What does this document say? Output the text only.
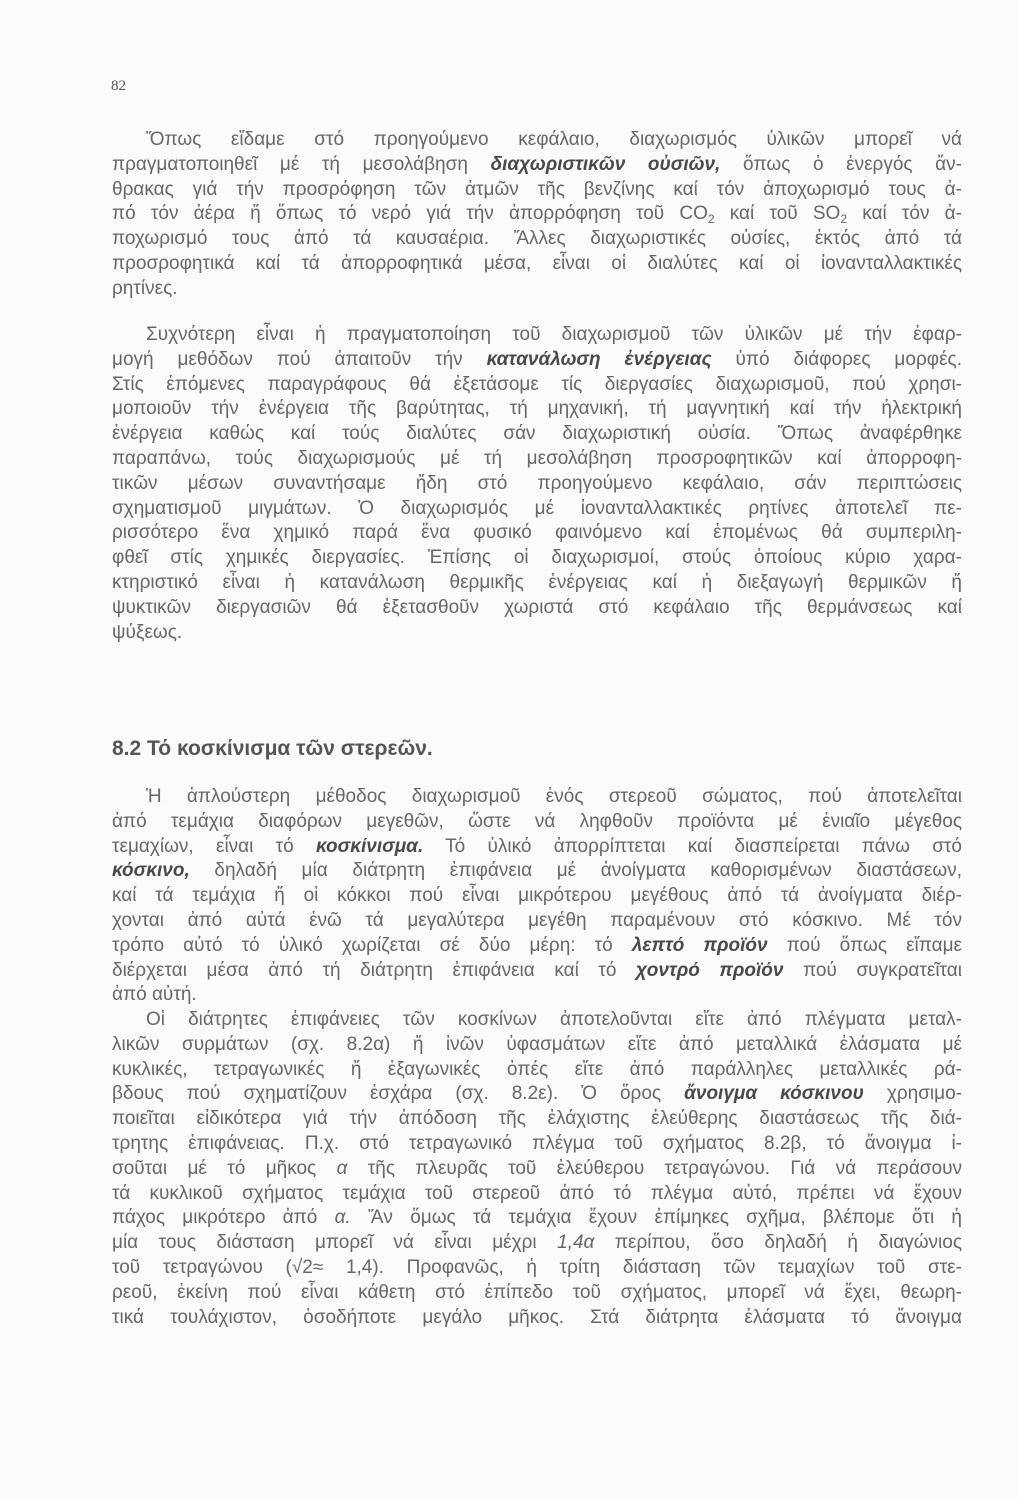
82
Ὅπως εἴδαμε στό προηγούμενο κεφάλαιο, διαχωρισμός ὑλικῶν μπορεῖ νά
πραγματοποιηθεῖ μέ τή μεσολάβηση διαχωριστικῶν οὐσιῶν, ὅπως ὁ ἐνεργός ἄν-
θρακας γιά τήν προσρόφηση τῶν ἀτμῶν τῆς βενζίνης καί τόν ἀποχωρισμό τους ἀ-
πό τόν ἀέρα ἤ ὅπως τό νερό γιά τήν ἀπορρόφηση τοῦ $CO_2$ καί τοῦ $SO_2$ καί τόν ἀ-
ποχωρισμό τους ἀπό τά καυσαέρια. Ἄλλες διαχωριστικές οὐσίες, ἐκτός ἀπό τά
προσροφητικά καί τά ἀπορροφητικά μέσα, εἶναι οἱ διαλύτες καί οἱ ἰονανταλλακτικές
ρητίνες.
Συχνότερη εἶναι ἡ πραγματοποίηση τοῦ διαχωρισμοῦ τῶν ὑλικῶν μέ τήν ἐφαρ-
μογή μεθόδων πού ἀπαιτοῦν τήν κατανάλωση ἐνέργειας ὑπό διάφορες μορφές.
Στίς ἑπόμενες παραγράφους θά ἐξετάσομε τίς διεργασίες διαχωρισμοῦ, πού χρησι-
μοποιοῦν τήν ἐνέργεια τῆς βαρύτητας, τή μηχανική, τή μαγνητική καί τήν ἠλεκτρική
ἐνέργεια καθώς καί τούς διαλύτες σάν διαχωριστική οὐσία. Ὅπως ἀναφέρθηκε
παραπάνω, τούς διαχωρισμούς μέ τή μεσολάβηση προσροφητικῶν καί ἀπορροφη-
τικῶν μέσων συναντήσαμε ἤδη στό προηγούμενο κεφάλαιο, σάν περιπτώσεις
σχηματισμοῦ μιγμάτων. Ὁ διαχωρισμός μέ ἰονανταλλακτικές ρητίνες ἀποτελεῖ πε-
ρισσότερο ἕνα χημικό παρά ἕνα φυσικό φαινόμενο καί ἑπομένως θά συμπεριλη-
φθεῖ στίς χημικές διεργασίες. Ἐπίσης οἱ διαχωρισμοί, στούς ὁποίους κύριο χαρα-
κτηριστικό εἶναι ἡ κατανάλωση θερμικῆς ἐνέργειας καί ἡ διεξαγωγή θερμικῶν ἤ
ψυκτικῶν διεργασιῶν θά ἐξετασθοῦν χωριστά στό κεφάλαιο τῆς θερμάνσεως καί
ψύξεως.
8.2 Τό κοσκίνισμα τῶν στερεῶν.
Ἡ ἁπλούστερη μέθοδος διαχωρισμοῦ ἑνός στερεοῦ σώματος, πού ἀποτελεῖται
ἀπό τεμάχια διαφόρων μεγεθῶν, ὥστε νά ληφθοῦν προϊόντα μέ ἑνιαῖο μέγεθος
τεμαχίων, εἶναι τό κοσκίνισμα. Τό ὑλικό ἀπορρίπτεται καί διασπείρεται πάνω στό
κόσκινο, δηλαδή μία διάτρητη ἐπιφάνεια μέ ἀνοίγματα καθορισμένων διαστάσεων,
καί τά τεμάχια ἤ οἱ κόκκοι πού εἶναι μικρότερου μεγέθους ἀπό τά ἀνοίγματα διέρ-
χονται ἀπό αὐτά ἐνῶ τά μεγαλύτερα μεγέθη παραμένουν στό κόσκινο. Μέ τόν
τρόπο αὐτό τό ὑλικό χωρίζεται σέ δύο μέρη: τό λεπτό προϊόν πού ὅπως εἴπαμε
διέρχεται μέσα ἀπό τή διάτρητη ἐπιφάνεια καί τό χοντρό προϊόν πού συγκρατεῖται
ἀπό αὐτή.
Οἱ διάτρητες ἐπιφάνειες τῶν κοσκίνων ἀποτελοῦνται εἴτε ἀπό πλέγματα μεταλ-
λικῶν συρμάτων (σχ. 8.2α) ἤ ἰνῶν ὑφασμάτων εἴτε ἀπό μεταλλικά ἐλάσματα μέ
κυκλικές, τετραγωνικές ἤ ἑξαγωνικές ὀπές εἴτε ἀπό παράλληλες μεταλλικές ρά-
βδους πού σχηματίζουν ἐσχάρα (σχ. 8.2ε). Ὁ ὅρος ἄνοιγμα κόσκινου χρησιμο-
ποιεῖται εἰδικότερα γιά τήν ἀπόδοση τῆς ἐλάχιστης ἐλεύθερης διαστάσεως τῆς διά-
τρητης ἐπιφάνειας. Π.χ. στό τετραγωνικό πλέγμα τοῦ σχήματος 8.2β, τό ἄνοιγμα ἰ-
σοῦται μέ τό μῆκος α τῆς πλευρᾶς τοῦ ἐλεύθερου τετραγώνου. Γιά νά περάσουν
τά κυκλικοῦ σχήματος τεμάχια τοῦ στερεοῦ ἀπό τό πλέγμα αὐτό, πρέπει νά ἔχουν
πάχος μικρότερο ἀπό α. Ἄν ὅμως τά τεμάχια ἔχουν ἐπίμηκες σχῆμα, βλέπομε ὅτι ἡ
μία τους διάσταση μπορεῖ νά εἶναι μέχρι 1,4α περίπου, ὅσο δηλαδή ἡ διαγώνιος
τοῦ τετραγώνου (√2≈ 1,4). Προφανῶς, ἡ τρίτη διάσταση τῶν τεμαχίων τοῦ στε-
ρεοῦ, ἐκείνη πού εἶναι κάθετη στό ἐπίπεδο τοῦ σχήματος, μπορεῖ νά ἔχει, θεωρη-
τικά τουλάχιστον, ὁσοδήποτε μεγάλο μῆκος. Στά διάτρητα ἐλάσματα τό ἄνοιγμα
